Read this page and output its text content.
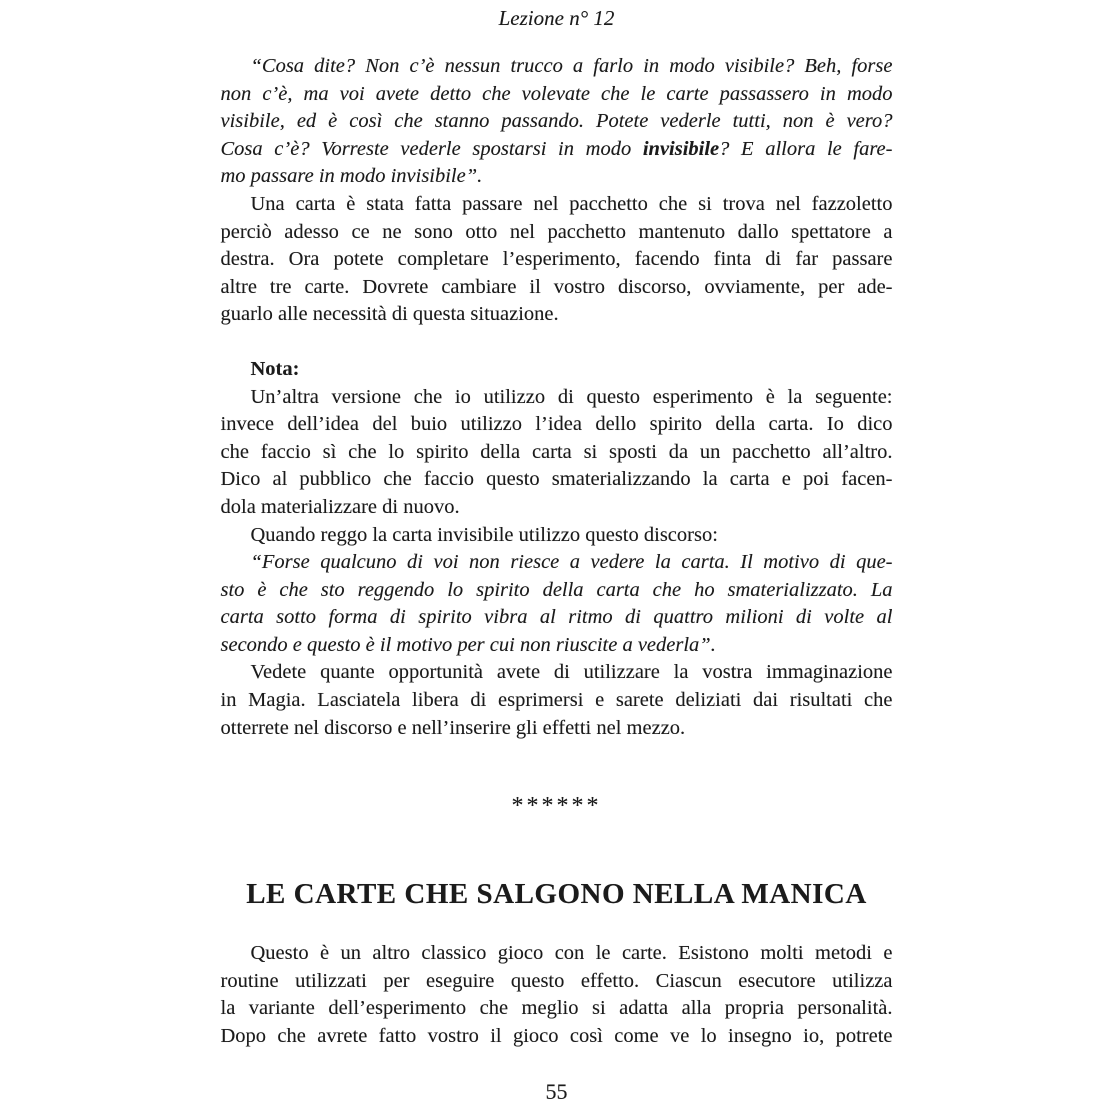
Lezione n° 12
“Cosa dite? Non c’è nessun trucco a farlo in modo visibile? Beh, forse
non c’è, ma voi avete detto che volevate che le carte passassero in modo
visibile, ed è così che stanno passando. Potete vederle tutti, non è vero?
Cosa c’è? Vorreste vederle spostarsi in modo invisibile? E allora le fare-
mo passare in modo invisibile”.
Una carta è stata fatta passare nel pacchetto che si trova nel fazzoletto
perciò adesso ce ne sono otto nel pacchetto mantenuto dallo spettatore a
destra. Ora potete completare l’esperimento, facendo finta di far passare
altre tre carte. Dovrete cambiare il vostro discorso, ovviamente, per ade-
guarlo alle necessità di questa situazione.
Nota:
Un’altra versione che io utilizzo di questo esperimento è la seguente:
invece dell’idea del buio utilizzo l’idea dello spirito della carta. Io dico
che faccio sì che lo spirito della carta si sposti da un pacchetto all’altro.
Dico al pubblico che faccio questo smaterializzando la carta e poi facen-
dola materializzare di nuovo.
Quando reggo la carta invisibile utilizzo questo discorso:
“Forse qualcuno di voi non riesce a vedere la carta. Il motivo di que-
sto è che sto reggendo lo spirito della carta che ho smaterializzato. La
carta sotto forma di spirito vibra al ritmo di quattro milioni di volte al
secondo e questo è il motivo per cui non riuscite a vederla”.
Vedete quante opportunità avete di utilizzare la vostra immaginazione
in Magia. Lasciatela libera di esprimersi e sarete deliziati dai risultati che
otterrete nel discorso e nell’inserire gli effetti nel mezzo.
******
LE CARTE CHE SALGONO NELLA MANICA
Questo è un altro classico gioco con le carte. Esistono molti metodi e
routine utilizzati per eseguire questo effetto. Ciascun esecutore utilizza
la variante dell’esperimento che meglio si adatta alla propria personalità.
Dopo che avrete fatto vostro il gioco così come ve lo insegno io, potrete
55
